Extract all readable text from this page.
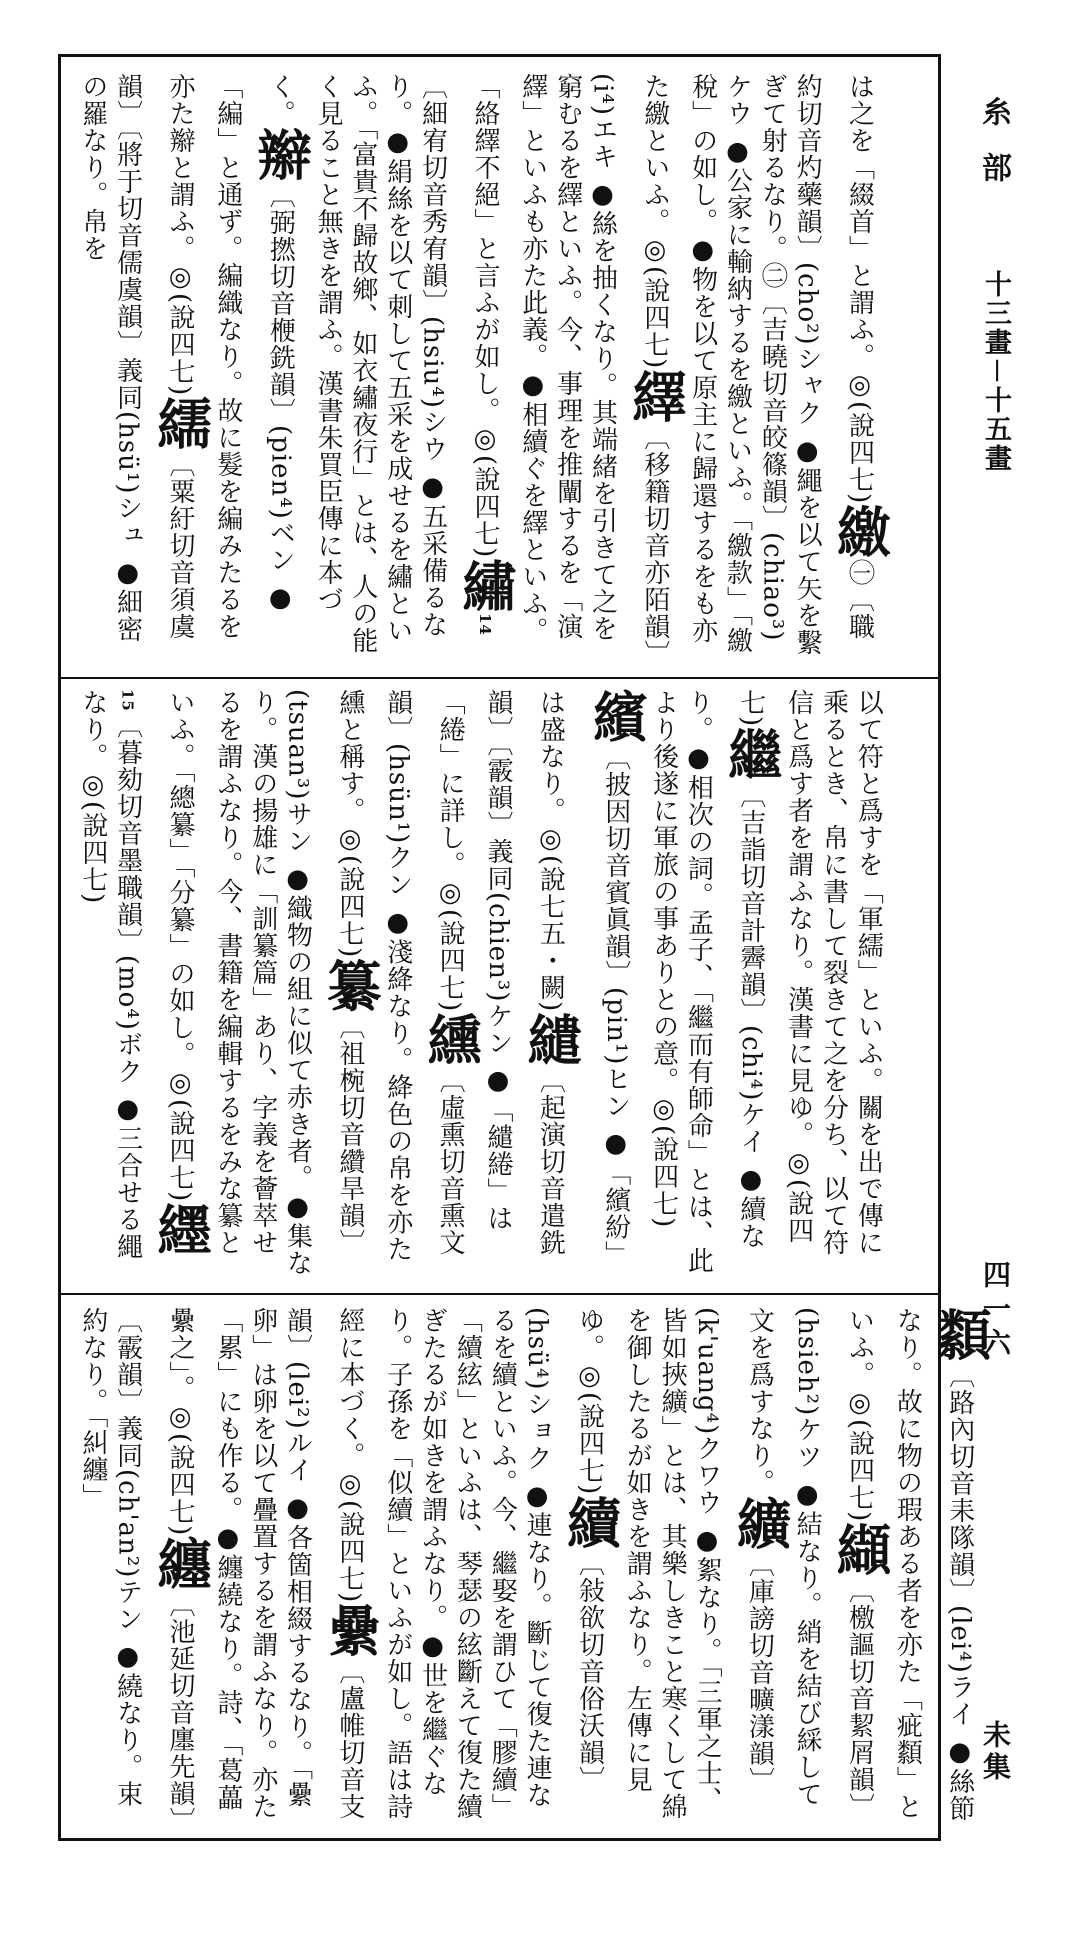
は之を「綴首」と謂ふ。◎(說四七)繳㊀〔職約切音灼藥韻〕(cho²)シャク ●繩を以て矢を繫ぎて射るなり。㊁〔吉曉切音皎篠韻〕(chiao³)ケウ ●公家に輸納するを繳といふ。「繳款」「繳稅」の如し。●物を以て原主に歸還するをも亦た繳といふ。◎(說四七)繹〔移籍切音亦陌韻〕(i⁴)エキ ●絲を抽くなり。其端緒を引きて之を窮むるを繹といふ。今、事理を推闡するを「演繹」といふも亦た此義。●相續ぐを繹といふ。「絡繹不絕」と言ふが如し。◎(說四七)繡14〔細宥切音秀宥韻〕(hsiu⁴)シウ ●五采備るなり。●絹絲を以て刺して五采を成せるを繡といふ。「富貴不歸故鄉、如衣繡夜行」とは、人の能く見ること無きを謂ふ。漢書朱買臣傳に本づく。辮〔弼撚切音楩銑韻〕(pien⁴)ベン ●「編」と通ず。編織なり。故に髮を編みたるを亦た辮と謂ふ。◎(說四七)繻〔粟紆切音須虞韻〕〔將于切音儒虞韻〕義同(hsü¹)シュ ●細密の羅なり。帛を
以て符と爲すを「軍繻」といふ。關を出で傳に乘るとき、帛に書して裂きて之を分ち、以て符信と爲す者を謂ふなり。漢書に見ゆ。◎(說四七)繼〔吉詣切音計霽韻〕(chi⁴)ケイ ●續なり。●相次の詞。孟子、「繼而有師命」とは、此より後遂に軍旅の事ありとの意。◎(說四七)繽〔披因切音賓眞韻〕(pin¹)ヒン ●「繽紛」は盛なり。◎(說七五・闕)繾〔起演切音遣銑韻〕〔霰韻〕義同(chien³)ケン ●「繾綣」は「綣」に詳し。◎(說四七)纁〔虛熏切音熏文韻〕(hsün¹)クン ●淺絳なり。絳色の帛を亦た纁と稱す。◎(說四七)纂〔祖椀切音纘旱韻〕(tsuan³)サン ●織物の組に似て赤き者。●集なり。漢の揚雄に「訓纂篇」あり、字義を薈萃せるを謂ふなり。今、書籍を編輯するをみな纂といふ。「總纂」「分纂」の如し。◎(說四七)纆15〔暮劾切音墨職韻〕(mo⁴)ボク ●三合せる繩なり。◎(說四七)
纇〔路內切音耒隊韻〕(lei⁴)ライ ●絲節なり。故に物の瑕ある者を亦た「疵纇」といふ。◎(說四七)纈〔檄謳切音絜屑韻〕(hsieh²)ケツ ●結なり。綃を結び綵して文を爲すなり。纊〔庫謗切音曠漾韻〕(k'uang⁴)クワウ ●絮なり。「三軍之士、皆如挾纊」とは、其樂しきこと寒くして綿を御したるが如きを謂ふなり。左傳に見ゆ。◎(說四七)續〔敍欲切音俗沃韻〕(hsü⁴)ショク ●連なり。斷じて復た連なるを續といふ。今、繼娶を謂ひて「膠續」「續絃」といふは、琴瑟の絃斷えて復た續ぎたるが如きを謂ふなり。●世を繼ぐなり。子孫を「似續」といふが如し。語は詩經に本づく。◎(說四七)纍〔盧帷切音支韻〕(lei²)ルイ ●各箇相綴するなり。「纍卵」は卵を以て疊置するを謂ふなり。亦た「累」にも作る。●纏繞なり。詩、「葛藟纍之」。◎(說四七)纏〔池延切音廛先韻〕〔霰韻〕義同(ch'an²)テン ●繞なり。束約なり。「糾纏」
糸部
十三畫－十五畫
四一六
未集
